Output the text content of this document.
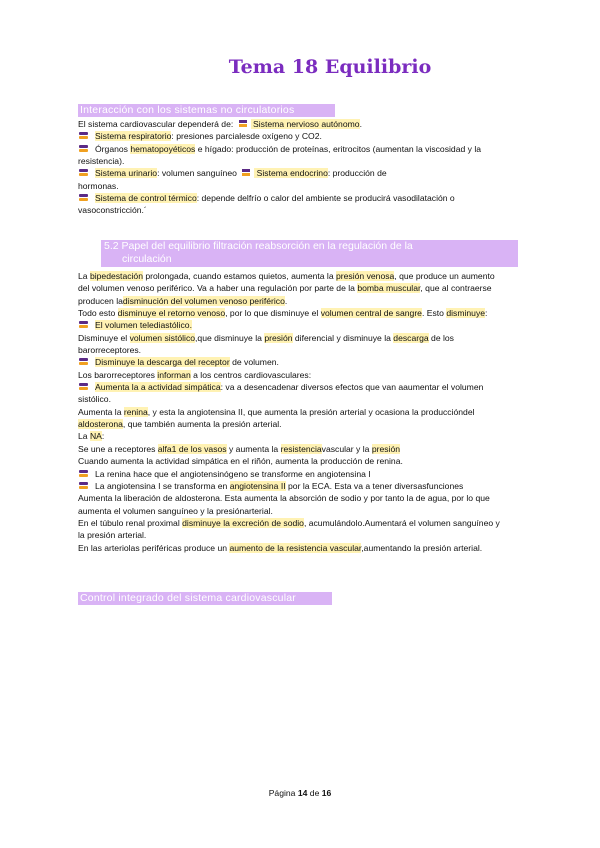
Tema 18 Equilibrio
Interacción con los sistemas no circulatorios
El sistema cardiovascular dependerá de:  Sistema nervioso autónomo.
Sistema respiratorio: presiones parcialesde oxígeno y CO2.
Órganos hematopoyéticos e hígado: producción de proteínas, eritrocitos (aumentan la viscosidad y la
resistencia).
Sistema urinario: volumen sanguíneo  Sistema endocrino: producción de
hormonas.
Sistema de control térmico: depende delfrío o calor del ambiente se producirá vasodilatación o
vasoconstricción.´
5.2 Papel del equilibrio filtración reabsorción en la regulación de la
circulación
La bipedestación prolongada, cuando estamos quietos, aumenta la presión venosa, que produce un aumento
del volumen venoso periférico. Va a haber una regulación por parte de la bomba muscular, que al contraerse
producen ladisminución del volumen venoso periférico.
Todo esto disminuye el retorno venoso, por lo que disminuye el volumen central de sangre. Esto disminuye:
El volumen telediastólico.
Disminuye el volumen sistólico,que disminuye la presión diferencial y disminuye la descarga de los
barorreceptores.
Disminuye la descarga del receptor de volumen.
Los barorreceptores informan a los centros cardiovasculares:
Aumenta la a actividad simpática: va a desencadenar diversos efectos que van aaumentar el volumen
sistólico.
Aumenta la renina, y esta la angiotensina II, que aumenta la presión arterial y ocasiona la produccióndel
aldosterona, que también aumenta la presión arterial.
La NA:
Se une a receptores alfa1 de los vasos y aumenta la resistenciavascular y la presión
Cuando aumenta la actividad simpática en el riñón, aumenta la producción de renina.
La renina hace que el angiotensinógeno se transforme en angiotensina I
La angiotensina I se transforma en angiotensina II por la ECA. Esta va a tener diversasfunciones
Aumenta la liberación de aldosterona. Esta aumenta la absorción de sodio y por tanto la de agua, por lo que
aumenta el volumen sanguíneo y la presiónarterial.
En el túbulo renal proximal disminuye la excreción de sodio, acumulándolo.Aumentará el volumen sanguíneo y
la presión arterial.
En las arteriolas periféricas produce un aumento de la resistencia vascular,aumentando la presión arterial.
Control integrado del sistema cardiovascular
Página 14 de 16
